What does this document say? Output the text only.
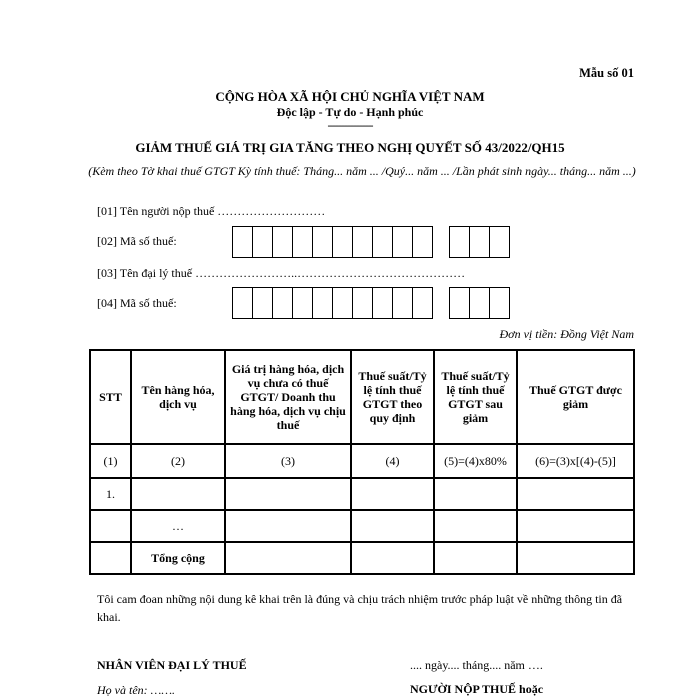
Mẫu số 01
CỘNG HÒA XÃ HỘI CHỦ NGHĨA VIỆT NAM
Độc lập - Tự do - Hạnh phúc
---------------
GIẢM THUẾ GIÁ TRỊ GIA TĂNG THEO NGHỊ QUYẾT SỐ 43/2022/QH15
(Kèm theo Tờ khai thuế GTGT Kỳ tính thuế: Tháng... năm ... /Quý... năm ... /Lần phát sinh ngày... tháng... năm ...)
[01] Tên người nộp thuế ………………………
[02] Mã số thuế:
[03] Tên đại lý thuế ……………………..……………………………………
[04] Mã số thuế:
Đơn vị tiền: Đồng Việt Nam
STT	Tên hàng hóa, dịch vụ	Giá trị hàng hóa, dịch vụ chưa có thuế GTGT/ Doanh thu hàng hóa, dịch vụ chịu thuế	Thuế suất/Tỷ lệ tính thuế GTGT theo quy định	Thuế suất/Tỷ lệ tính thuế GTGT sau giảm	Thuế GTGT được giảm
(1)	(2)	(3)	(4)	(5)=(4)x80%	(6)=(3)x[(4)-(5)]
1.					
	…				
	Tổng cộng				
Tôi cam đoan những nội dung kê khai trên là đúng và chịu trách nhiệm trước pháp luật về những thông tin đã khai.
NHÂN VIÊN ĐẠI LÝ THUẾ	.... ngày.... tháng.... năm ….
Họ và tên: …….	NGƯỜI NỘP THUẾ hoặc
